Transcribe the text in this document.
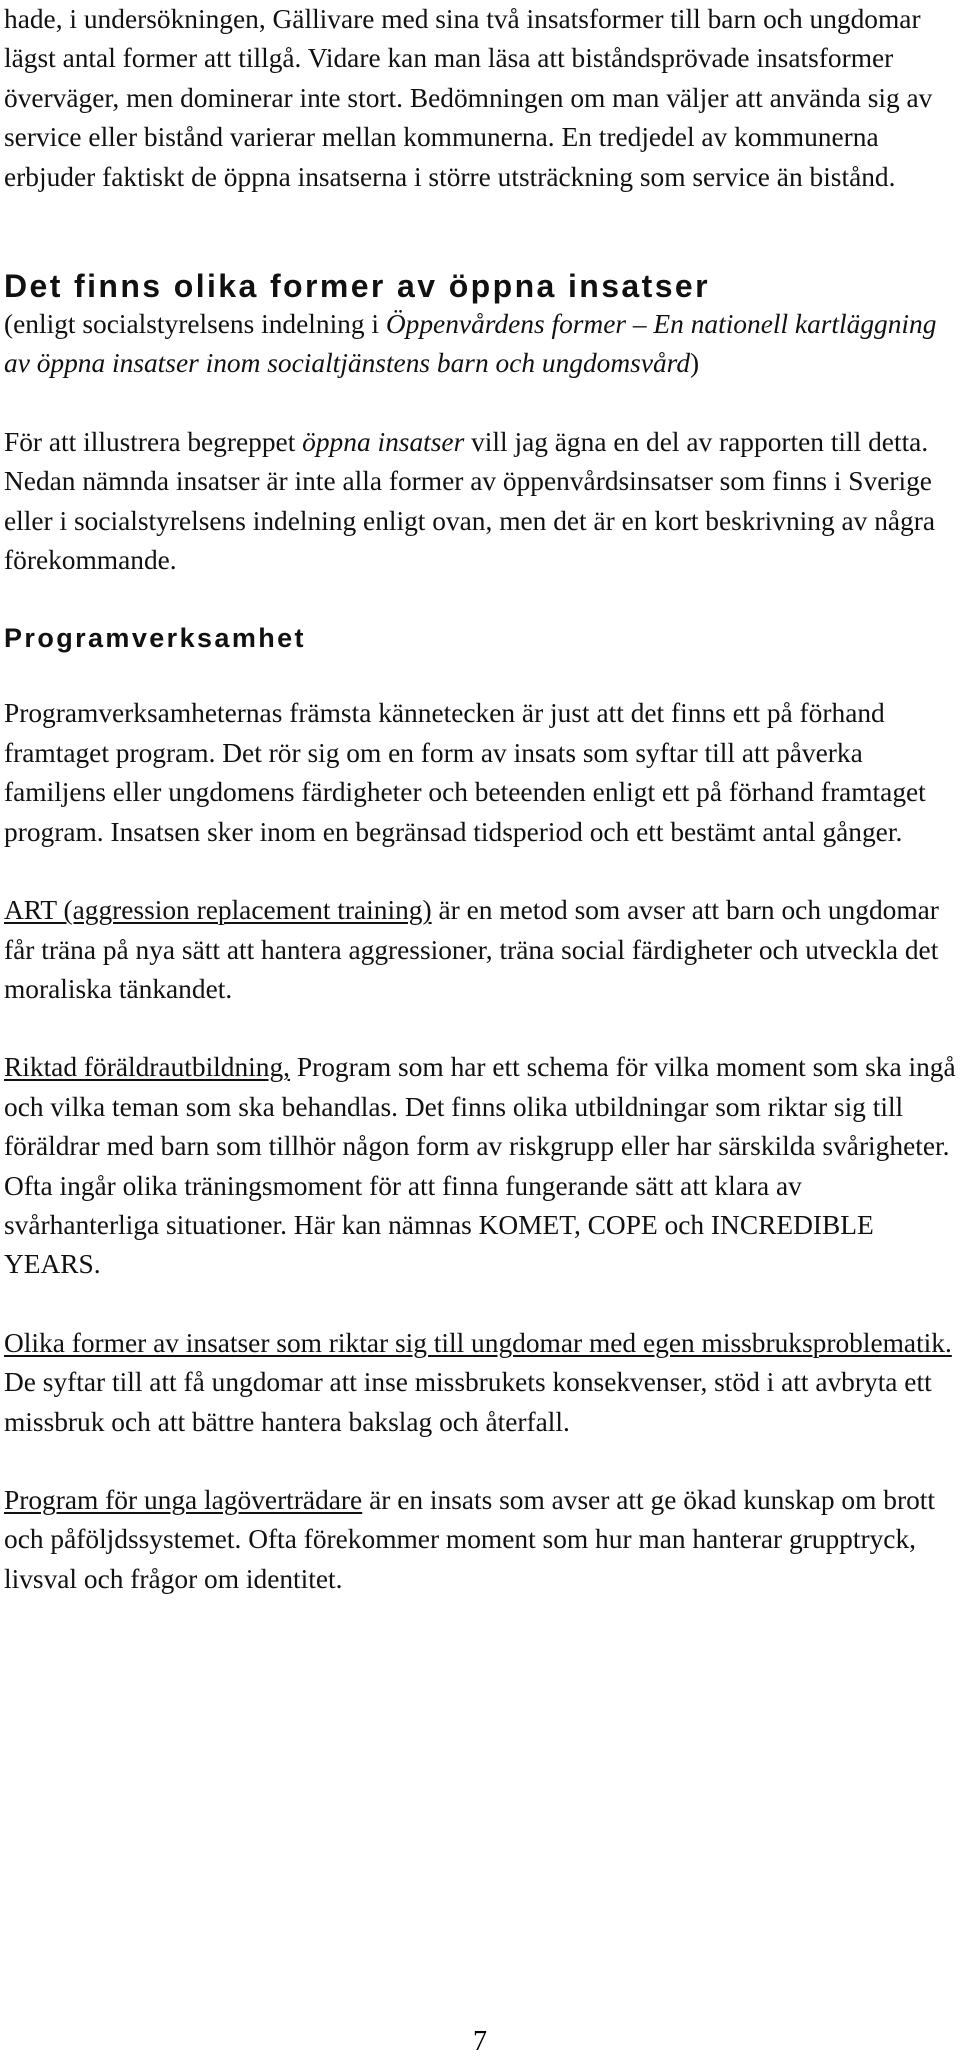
hade, i undersökningen, Gällivare med sina två insatsformer till barn och ungdomar lägst antal former att tillgå. Vidare kan man läsa att biståndsprövade insatsformer överväger, men dominerar inte stort. Bedömningen om man väljer att använda sig av service eller bistånd varierar mellan kommunerna. En tredjedel av kommunerna erbjuder faktiskt de öppna insatserna i större utsträckning som service än bistånd.

Det finns olika former av öppna insatser

(enligt socialstyrelsens indelning i Öppenvårdens former – En nationell kartläggning av öppna insatser inom socialtjänstens barn och ungdomsvård)

För att illustrera begreppet öppna insatser vill jag ägna en del av rapporten till detta. Nedan nämnda insatser är inte alla former av öppenvårdsinsatser som finns i Sverige eller i socialstyrelsens indelning enligt ovan, men det är en kort beskrivning av några förekommande.

Programverksamhet

Programverksamheternas främsta kännetecken är just att det finns ett på förhand framtaget program. Det rör sig om en form av insats som syftar till att påverka familjens eller ungdomens färdigheter och beteenden enligt ett på förhand framtaget program. Insatsen sker inom en begränsad tidsperiod och ett bestämt antal gånger.

ART (aggression replacement training) är en metod som avser att barn och ungdomar får träna på nya sätt att hantera aggressioner, träna social färdigheter och utveckla det moraliska tänkandet.

Riktad föräldrautbildning, Program som har ett schema för vilka moment som ska ingå och vilka teman som ska behandlas. Det finns olika utbildningar som riktar sig till föräldrar med barn som tillhör någon form av riskgrupp eller har särskilda svårigheter. Ofta ingår olika träningsmoment för att finna fungerande sätt att klara av svårhanterliga situationer. Här kan nämnas KOMET, COPE och INCREDIBLE YEARS.

Olika former av insatser som riktar sig till ungdomar med egen missbruksproblematik.

De syftar till att få ungdomar att inse missbrukets konsekvenser, stöd i att avbryta ett missbruk och att bättre hantera bakslag och återfall.

Program för unga lagöverträdare är en insats som avser att ge ökad kunskap om brott och påföljdssystemet. Ofta förekommer moment som hur man hanterar grupptryck, livsval och frågor om identitet.

7
